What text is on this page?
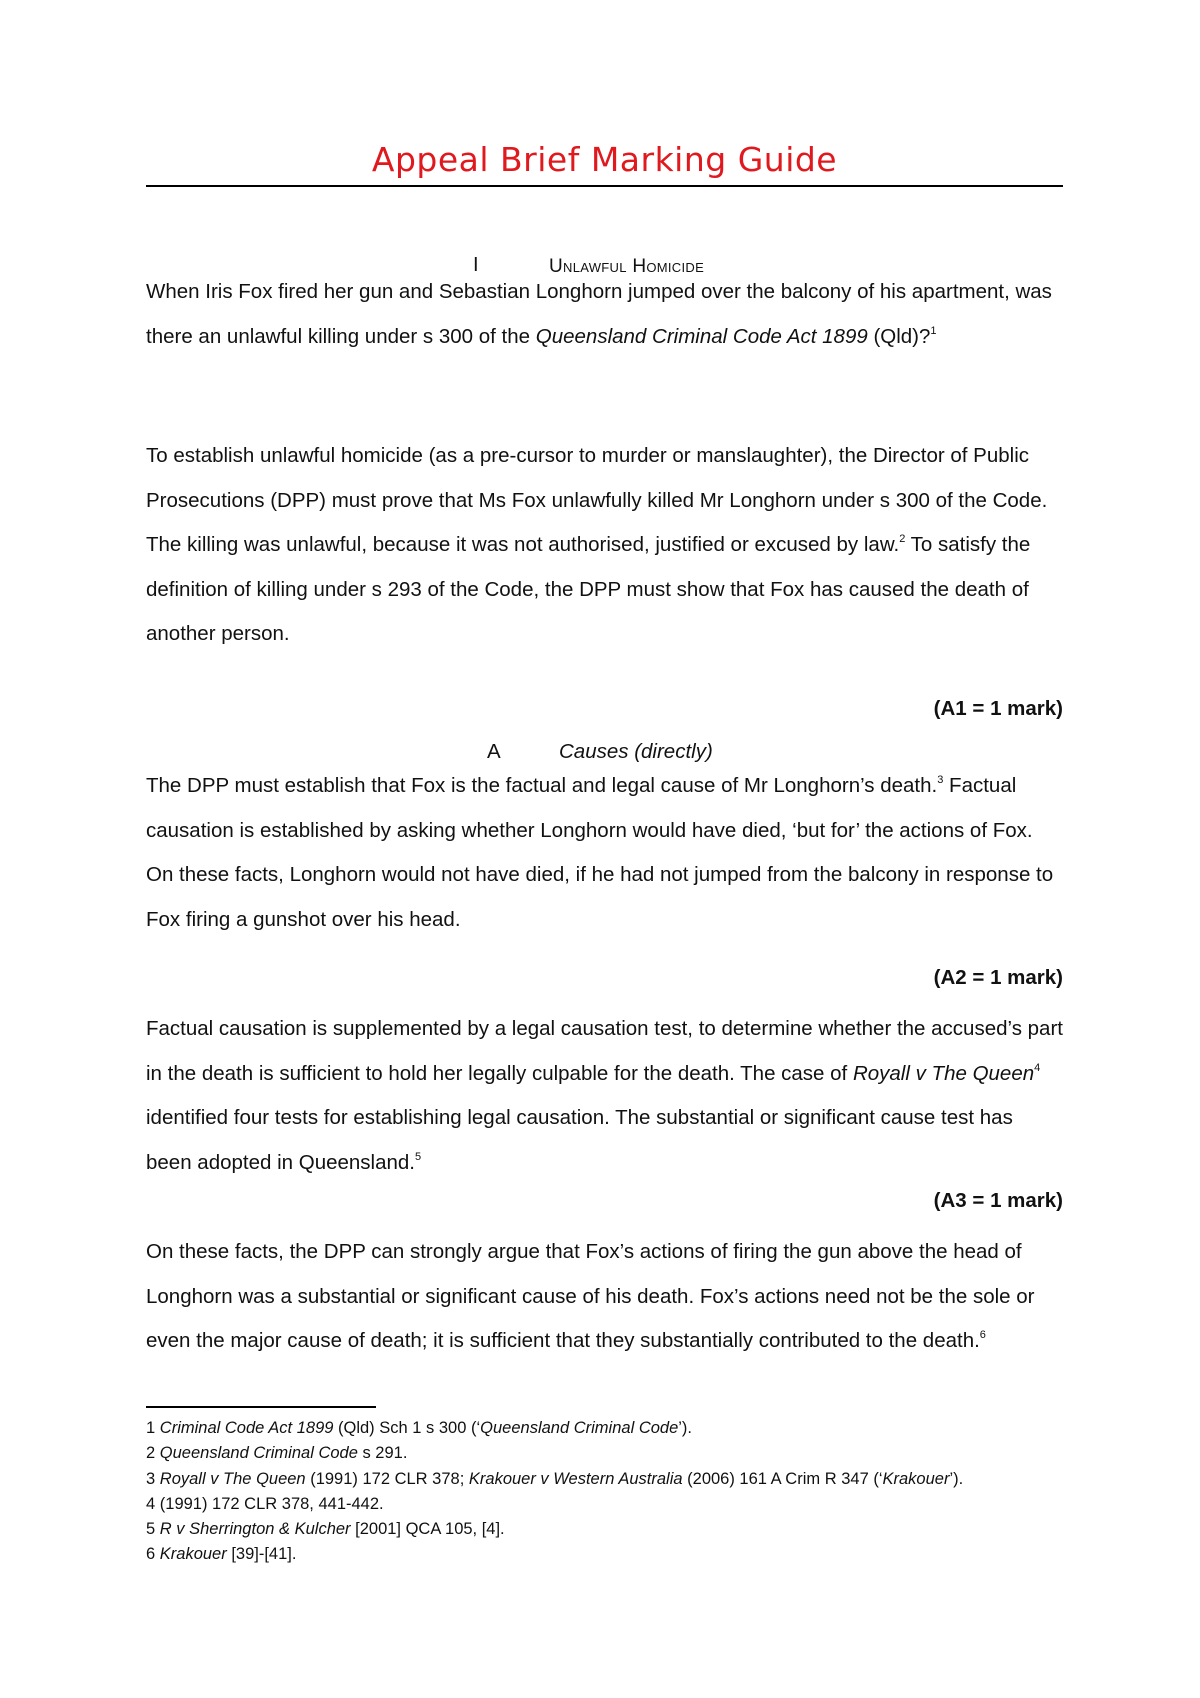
Appeal Brief Marking Guide
I	Unlawful Homicide

When Iris Fox fired her gun and Sebastian Longhorn jumped over the balcony of his apartment, was there an unlawful killing under s 300 of the Queensland Criminal Code Act 1899 (Qld)?$^1$

To establish unlawful homicide (as a pre-cursor to murder or manslaughter), the Director of Public Prosecutions (DPP) must prove that Ms Fox unlawfully killed Mr Longhorn under s 300 of the Code. The killing was unlawful, because it was not authorised, justified or excused by law.$^2$ To satisfy the definition of killing under s 293 of the Code, the DPP must show that Fox has caused the death of another person.

(A1 = 1 mark)
A	Causes (directly)

The DPP must establish that Fox is the factual and legal cause of Mr Longhorn’s death.$^3$ Factual causation is established by asking whether Longhorn would have died, ‘but for’ the actions of Fox. On these facts, Longhorn would not have died, if he had not jumped from the balcony in response to Fox firing a gunshot over his head.

(A2 = 1 mark)

Factual causation is supplemented by a legal causation test, to determine whether the accused’s part in the death is sufficient to hold her legally culpable for the death. The case of Royall v The Queen$^4$ identified four tests for establishing legal causation. The substantial or significant cause test has been adopted in Queensland.$^5$

(A3 = 1 mark)

On these facts, the DPP can strongly argue that Fox’s actions of firing the gun above the head of Longhorn was a substantial or significant cause of his death. Fox’s actions need not be the sole or even the major cause of death; it is sufficient that they substantially contributed to the death.$^6$

1 Criminal Code Act 1899 (Qld) Sch 1 s 300 (‘Queensland Criminal Code’).
2 Queensland Criminal Code s 291.
3 Royall v The Queen (1991) 172 CLR 378; Krakouer v Western Australia (2006) 161 A Crim R 347 (‘Krakouer’).
4 (1991) 172 CLR 378, 441-442.
5 R v Sherrington & Kulcher [2001] QCA 105, [4].
6 Krakouer [39]-[41].
